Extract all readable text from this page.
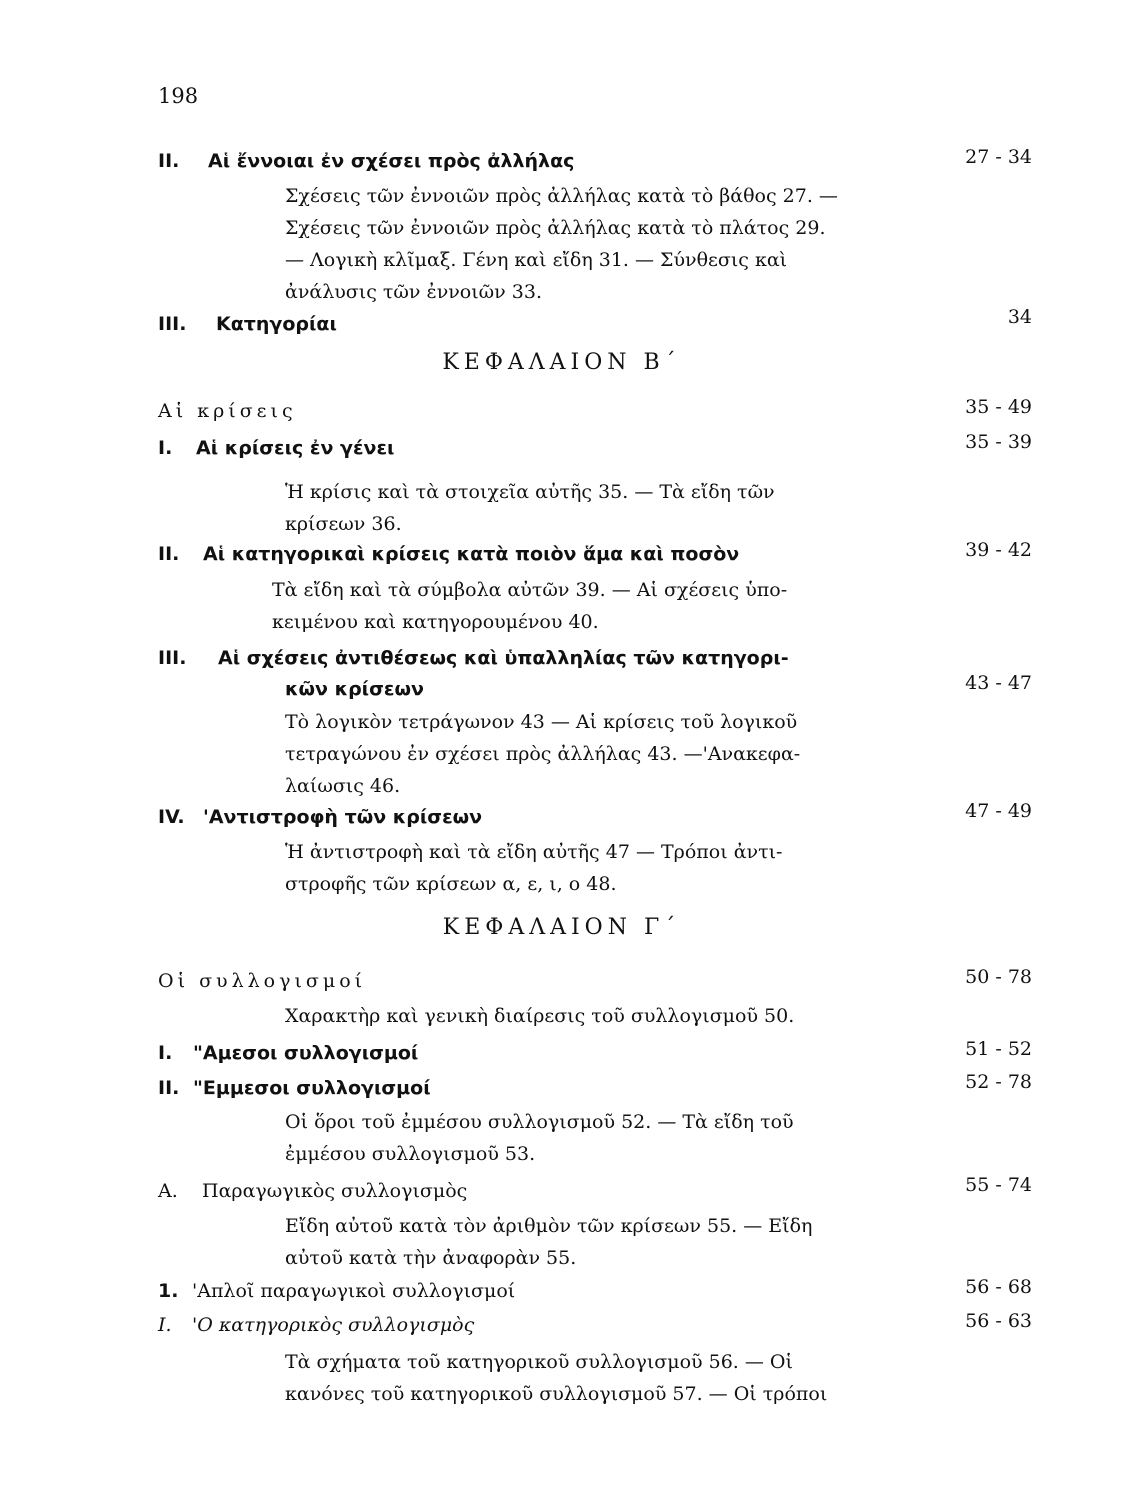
198
II. Αἱ ἔννοιαι ἐν σχέσει πρὸς ἀλλήλας	27 - 34
Σχέσεις τῶν ἐννοιῶν πρὸς ἀλλήλας κατὰ τὸ βάθος 27. —
Σχέσεις τῶν ἐννοιῶν πρὸς ἀλλήλας κατὰ τὸ πλάτος 29.
— Λογικὴ κλῖμαξ. Γένη καὶ εἴδη 31. — Σύνθεσις καὶ
ἀνάλυσις τῶν ἐννοιῶν 33.
III. Κατηγορίαι	34
ΚΕΦΑΛΑΙΟΝ Β΄
Αἱ κρίσεις	35 - 49
I. Αἱ κρίσεις ἐν γένει	35 - 39
Ἡ κρίσις καὶ τὰ στοιχεῖα αὐτῆς 35. — Τὰ εἴδη τῶν
κρίσεων 36.
II. Αἱ κατηγορικαὶ κρίσεις κατὰ ποιὸν ἅμα καὶ ποσὸν	39 - 42
Τὰ εἴδη καὶ τὰ σύμβολα αὐτῶν 39. — Αἱ σχέσεις ὑπο-
κειμένου καὶ κατηγορουμένου 40.
III. Αἱ σχέσεις ἀντιθέσεως καὶ ὑπαλληλίας τῶν κατηγορι-
κῶν κρίσεων	43 - 47
Τὸ λογικὸν τετράγωνον 43 — Αἱ κρίσεις τοῦ λογικοῦ
τετραγώνου ἐν σχέσει πρὸς ἀλλήλας 43. —'Ανακεφα-
λαίωσις 46.
IV. 'Αντιστροφὴ τῶν κρίσεων	47 - 49
Ἡ ἀντιστροφὴ καὶ τὰ εἴδη αὐτῆς 47 — Τρόποι ἀντι-
στροφῆς τῶν κρίσεων α, ε, ι, ο 48.
ΚΕΦΑΛΑΙΟΝ Γ΄
Οἱ συλλογισμοί	50 - 78
Χαρακτὴρ καὶ γενικὴ διαίρεσις τοῦ συλλογισμοῦ 50.
I. "Αμεσοι συλλογισμοί	51 - 52
II. "Εμμεσοι συλλογισμοί	52 - 78
Οἱ ὅροι τοῦ ἐμμέσου συλλογισμοῦ 52. — Τὰ εἴδη τοῦ
ἐμμέσου συλλογισμοῦ 53.
Α. Παραγωγικὸς συλλογισμὸς	55 - 74
Εἴδη αὐτοῦ κατὰ τὸν ἀριθμὸν τῶν κρίσεων 55. — Εἴδη
αὐτοῦ κατὰ τὴν ἀναφορὰν 55.
1. 'Απλοῖ παραγωγικοὶ συλλογισμοί	56 - 68
I. 'Ο κατηγορικὸς συλλογισμὸς	56 - 63
Τὰ σχήματα τοῦ κατηγορικοῦ συλλογισμοῦ 56. — Οἱ
κανόνες τοῦ κατηγορικοῦ συλλογισμοῦ 57. — Οἱ τρόποι
